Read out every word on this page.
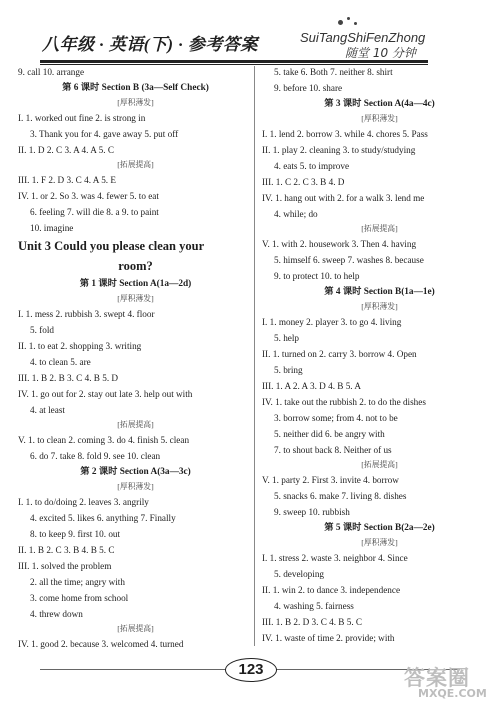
八年级 · 英语(下) · 参考答案	SuiTangShiFenZhong
随堂 10 分钟
9. call 10. arrange
第 6 课时 Section B (3a—Self Check)
[厚积薄发]
I. 1. worked out fine 2. is strong in
3. Thank you for 4. gave away 5. put off
II. 1. D 2. C 3. A 4. A 5. C
[拓展提高]
III. 1. F 2. D 3. C 4. A 5. E
IV. 1. or 2. So 3. was 4. fewer 5. to eat
6. feeling 7. will die 8. a 9. to paint
10. imagine
Unit 3 Could you please clean your
room?
第 1 课时 Section A(1a—2d)
[厚积薄发]
I. 1. mess 2. rubbish 3. swept 4. floor
5. fold
II. 1. to eat 2. shopping 3. writing
4. to clean 5. are
III. 1. B 2. B 3. C 4. B 5. D
IV. 1. go out for 2. stay out late 3. help out with
4. at least
[拓展提高]
V. 1. to clean 2. coming 3. do 4. finish 5. clean
6. do 7. take 8. fold 9. see 10. clean
第 2 课时 Section A(3a—3c)
[厚积薄发]
I. 1. to do/doing 2. leaves 3. angrily
4. excited 5. likes 6. anything 7. Finally
8. to keep 9. first 10. out
II. 1. B 2. C 3. B 4. B 5. C
III. 1. solved the problem
2. all the time; angry with
3. come home from school
4. threw down
[拓展提高]
IV. 1. good 2. because 3. welcomed 4. turned
5. take 6. Both 7. neither 8. shirt
9. before 10. share
第 3 课时 Section A(4a—4c)
[厚积薄发]
I. 1. lend 2. borrow 3. while 4. chores 5. Pass
II. 1. play 2. cleaning 3. to study/studying
4. eats 5. to improve
III. 1. C 2. C 3. B 4. D
IV. 1. hang out with 2. for a walk 3. lend me
4. while; do
[拓展提高]
V. 1. with 2. housework 3. Then 4. having
5. himself 6. sweep 7. washes 8. because
9. to protect 10. to help
第 4 课时 Section B(1a—1e)
[厚积薄发]
I. 1. money 2. player 3. to go 4. living
5. help
II. 1. turned on 2. carry 3. borrow 4. Open
5. bring
III. 1. A 2. A 3. D 4. B 5. A
IV. 1. take out the rubbish 2. to do the dishes
3. borrow some; from 4. not to be
5. neither did 6. be angry with
7. to shout back 8. Neither of us
[拓展提高]
V. 1. party 2. First 3. invite 4. borrow
5. snacks 6. make 7. living 8. dishes
9. sweep 10. rubbish
第 5 课时 Section B(2a—2e)
[厚积薄发]
I. 1. stress 2. waste 3. neighbor 4. Since
5. developing
II. 1. win 2. to dance 3. independence
4. washing 5. fairness
III. 1. B 2. D 3. C 4. B 5. C
IV. 1. waste of time 2. provide; with
123	答案圈
MXQE.COM
